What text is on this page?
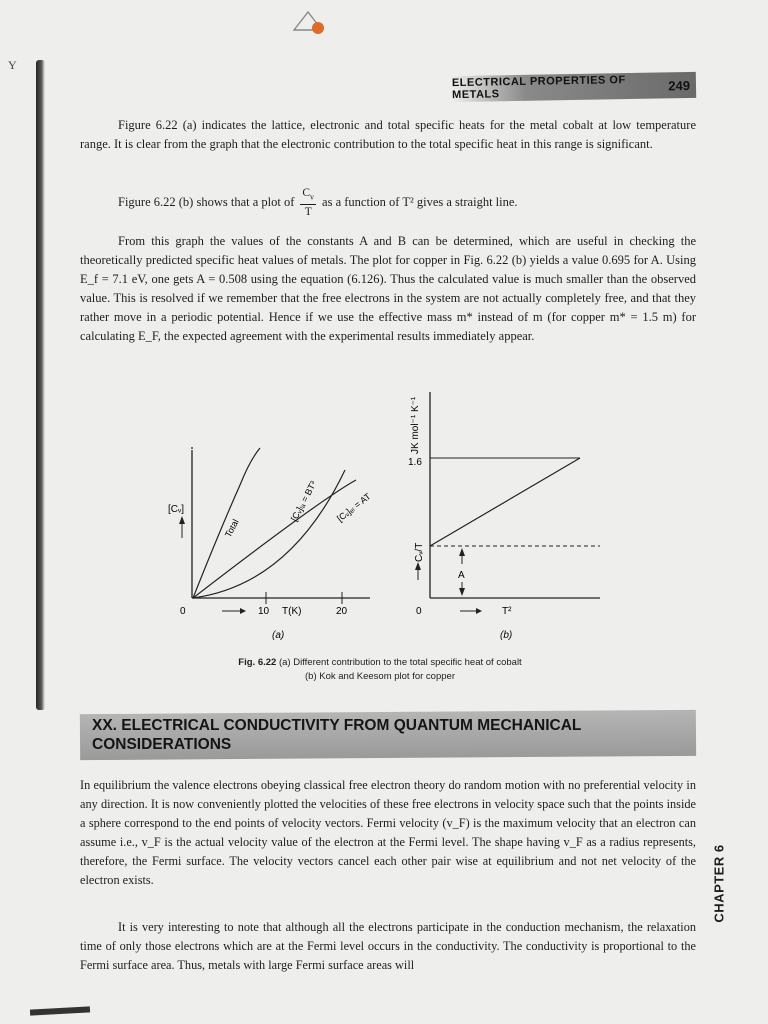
Y
ELECTRICAL PROPERTIES OF METALS
249

Figure 6.22 (a) indicates the lattice, electronic and total specific heats for the metal cobalt at low temperature range. It is clear from the graph that the electronic contribution to the total specific heat in this range is significant.

Figure 6.22 (b) shows that a plot of
$C_v$
T
as a function of T² gives a straight line.

From this graph the values of the constants A and B can be determined, which are useful in checking the theoretically predicted specific heat values of metals. The plot for copper in Fig. 6.22 (b) yields a value 0.695 for A. Using E_f = 7.1 eV, one gets A = 0.508 using the equation (6.126). Thus the calculated value is much smaller than the observed value. This is resolved if we remember that the free electrons in the system are not actually completely free, and that they rather move in a periodic potential. Hence if we use the effective mass m* instead of m (for copper m* = 1.5 m) for calculating E_F, the expected agreement with the experimental results immediately appear.

[Cᵥ]
0	10 T(K)	20
Total
[Cᵥ]ₗₐ = BT³ [Cᵥ]ₑₗ = AT
(a)
JK mol⁻¹ K⁻¹
1.6
Cᵥ/T
A
0	T²
(b)
Fig. 6.22 (a) Different contribution to the total specific heat of cobalt
(b) Kok and Keesom plot for copper
XX. ELECTRICAL CONDUCTIVITY FROM QUANTUM MECHANICAL CONSIDERATIONS

In equilibrium the valence electrons obeying classical free electron theory do random motion with no preferential velocity in any direction. It is now conveniently plotted the velocities of these free electrons in velocity space such that the points inside a sphere correspond to the end points of velocity vectors. Fermi velocity (v_F) is the maximum velocity that an electron can assume i.e., v_F is the actual velocity value of the electron at the Fermi level. The shape having v_F as a radius represents, therefore, the Fermi surface. The velocity vectors cancel each other pair wise at equilibrium and not net velocity of the electron exists.

It is very interesting to note that although all the electrons participate in the conduction mechanism, the relaxation time of only those electrons which are at the Fermi level occurs in the conductivity. The conductivity is proportional to the Fermi surface area. Thus, metals with large Fermi surface areas will

CHAPTER 6
